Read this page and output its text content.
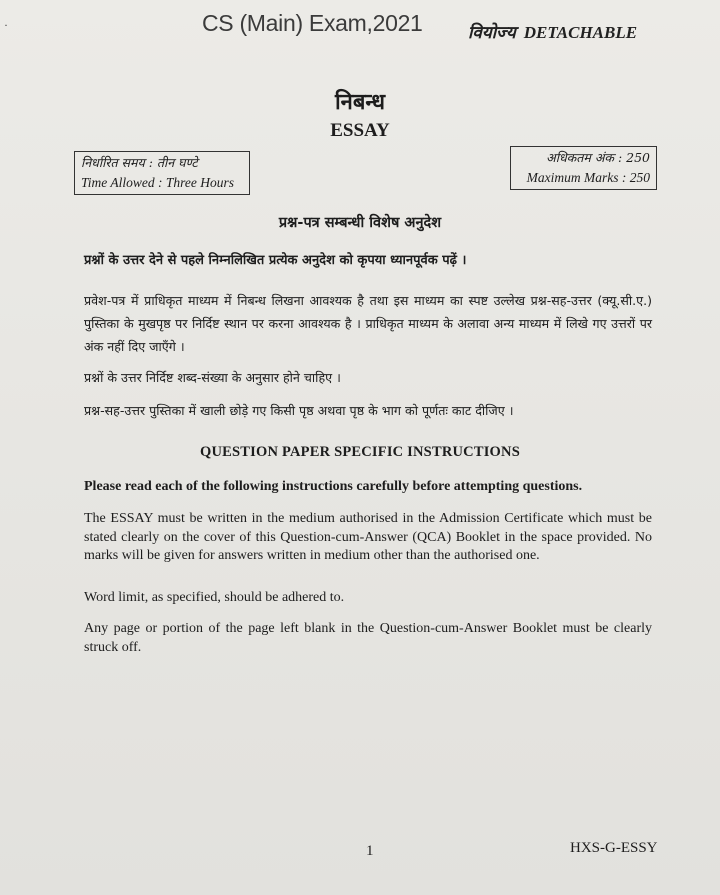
·	CS (Main) Exam,2021	वियोज्य DETACHABLE
निबन्ध
ESSAY
निर्धारित समय : तीन घण्टे
Time Allowed : Three Hours
अधिकतम अंक : 250
Maximum Marks : 250
प्रश्न-पत्र सम्बन्धी विशेष अनुदेश

प्रश्नों के उत्तर देने से पहले निम्नलिखित प्रत्येक अनुदेश को कृपया ध्यानपूर्वक पढ़ें ।

प्रवेश-पत्र में प्राधिकृत माध्यम में निबन्ध लिखना आवश्यक है तथा इस माध्यम का स्पष्ट उल्लेख प्रश्न-सह-उत्तर (क्यू.सी.ए.) पुस्तिका के मुखपृष्ठ पर निर्दिष्ट स्थान पर करना आवश्यक है । प्राधिकृत माध्यम के अलावा अन्य माध्यम में लिखे गए उत्तरों पर अंक नहीं दिए जाएँगे ।

प्रश्नों के उत्तर निर्दिष्ट शब्द-संख्या के अनुसार होने चाहिए ।

प्रश्न-सह-उत्तर पुस्तिका में खाली छोड़े गए किसी पृष्ठ अथवा पृष्ठ के भाग को पूर्णतः काट दीजिए ।

QUESTION PAPER SPECIFIC INSTRUCTIONS

Please read each of the following instructions carefully before attempting questions.

The ESSAY must be written in the medium authorised in the Admission Certificate which must be stated clearly on the cover of this Question-cum-Answer (QCA) Booklet in the space provided. No marks will be given for answers written in medium other than the authorised one.

Word limit, as specified, should be adhered to.

Any page or portion of the page left blank in the Question-cum-Answer Booklet must be clearly struck off.

1	HXS-G-ESSY
